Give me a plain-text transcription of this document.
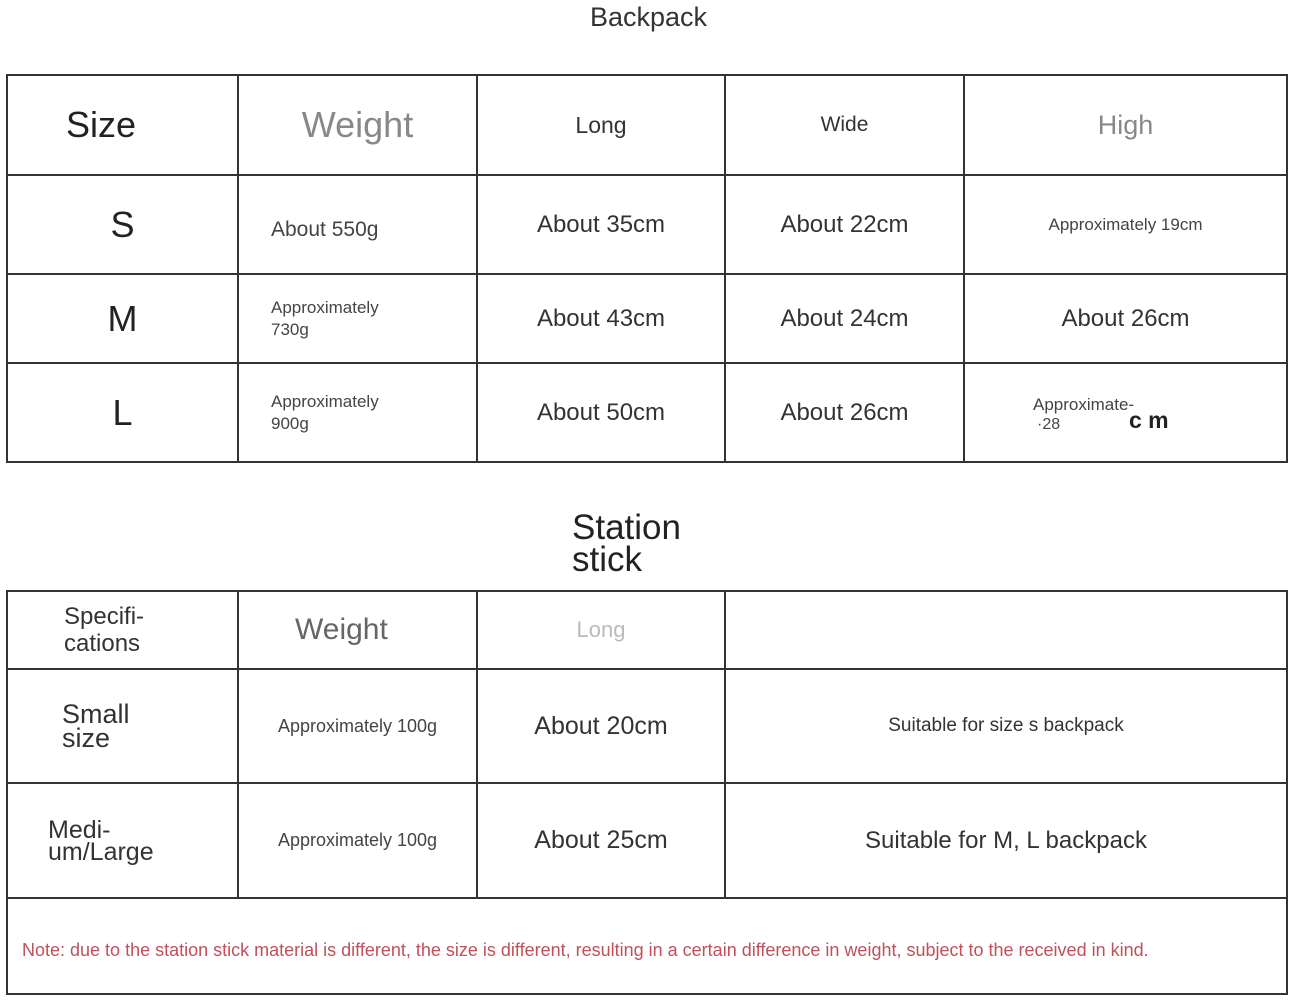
Backpack
Size	Weight	Long	Wide	High

S	About 550g	About 35cm	About 22cm	Approximately 19cm

M	Approximately
730g	About 43cm	About 24cm	About 26cm

L	Approximately
900g	About 50cm	About 26cm	Approximate-
·28 c m
Station
stick
Specifi-
cations	Weight	Long	

Small
size	Approximately 100g	About 20cm	Suitable for size s backpack

Medi-
um/Large	Approximately 100g	About 25cm	Suitable for M, L backpack

Note: due to the station stick material is different, the size is different, resulting in a certain difference in weight, subject to the received in kind.			
